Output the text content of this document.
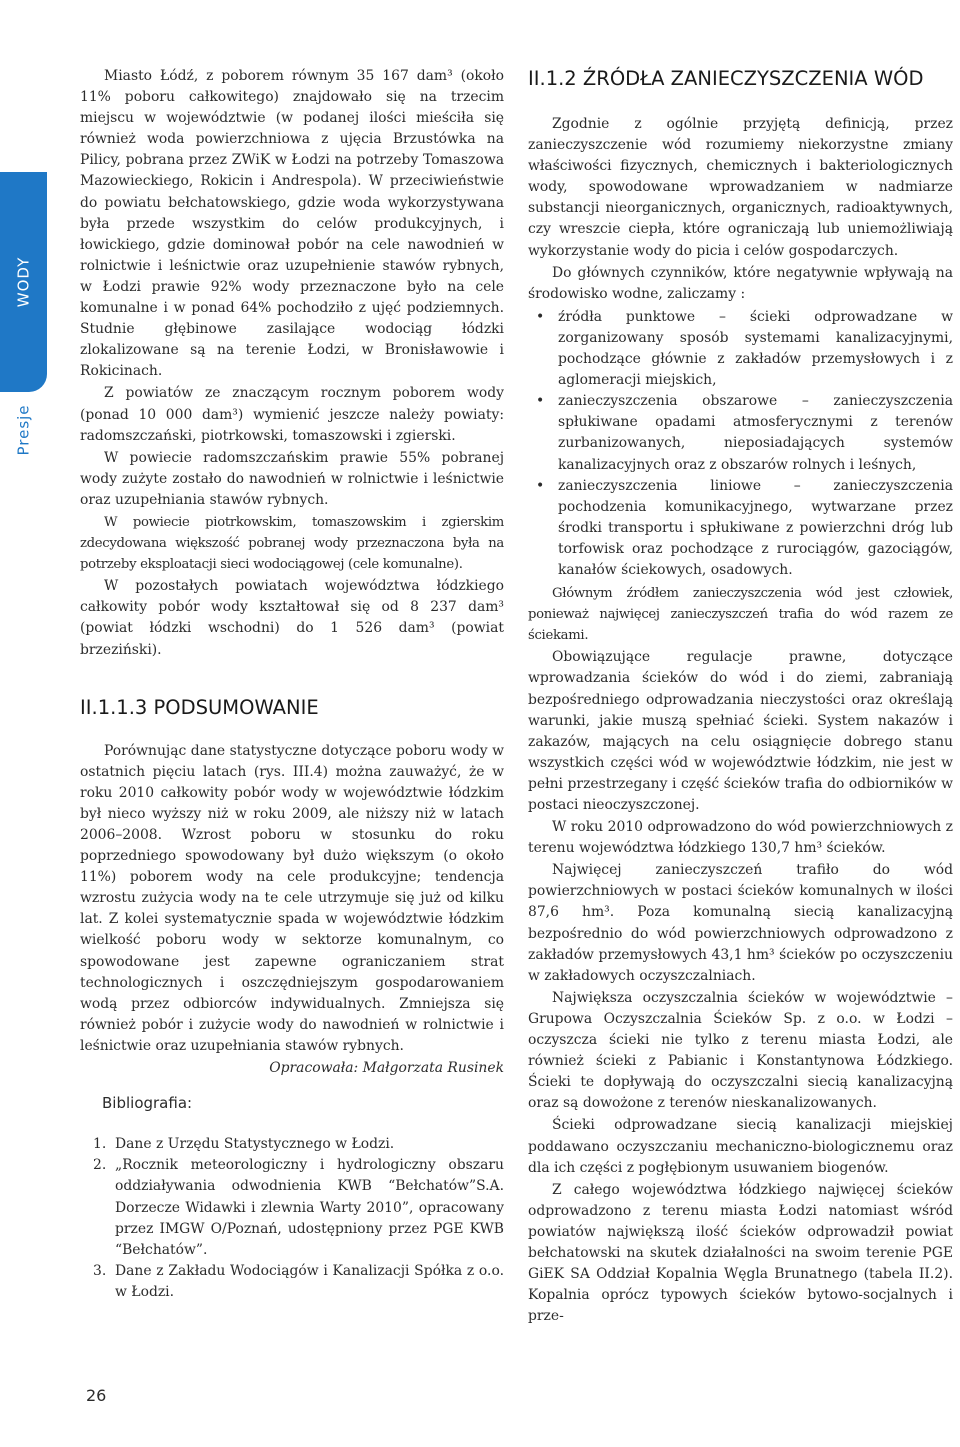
WODY
Presje

Miasto Łódź, z poborem równym 35 167 dam³ (około 11% poboru całkowitego) znajdowało się na trzecim miejscu w województwie (w podanej ilości mieściła się również woda powierzchniowa z ujęcia Brzustówka na Pilicy, pobrana przez ZWiK w Łodzi na potrzeby Tomaszowa Mazowieckiego, Rokicin i Andrespola). W przeciwieństwie do powiatu bełchatowskiego, gdzie woda wykorzystywana była przede wszystkim do celów produkcyjnych, i łowickiego, gdzie dominował pobór na cele nawodnień w rolnictwie i leśnictwie oraz uzupełnienie stawów rybnych, w Łodzi prawie 92% wody przeznaczone było na cele komunalne i w ponad 64% pochodziło z ujęć podziemnych. Studnie głębinowe zasilające wodociąg łódzki zlokalizowane są na terenie Łodzi, w Bronisławowie i Rokicinach.

Z powiatów ze znaczącym rocznym poborem wody (ponad 10 000 dam³) wymienić jeszcze należy powiaty: radomszczański, piotrkowski, tomaszowski i zgierski.

W powiecie radomszczańskim prawie 55% pobranej wody zużyte zostało do nawodnień w rolnictwie i leśnictwie oraz uzupełniania stawów rybnych.

W powiecie piotrkowskim, tomaszowskim i zgierskim zdecydowana większość pobranej wody przeznaczona była na potrzeby eksploatacji sieci wodociągowej (cele komunalne).

W pozostałych powiatach województwa łódzkiego całkowity pobór wody kształtował się od 8 237 dam³ (powiat łódzki wschodni) do 1 526 dam³ (powiat brzeziński).

II.1.1.3 PODSUMOWANIE

Porównując dane statystyczne dotyczące poboru wody w ostatnich pięciu latach (rys. III.4) można zauważyć, że w roku 2010 całkowity pobór wody w województwie łódzkim był nieco wyższy niż w roku 2009, ale niższy niż w latach 2006–2008. Wzrost poboru w stosunku do roku poprzedniego spowodowany był dużo większym (o około 11%) poborem wody na cele produkcyjne; tendencja wzrostu zużycia wody na te cele utrzymuje się już od kilku lat. Z kolei systematycznie spada w województwie łódzkim wielkość poboru wody w sektorze komunalnym, co spowodowane jest zapewne ograniczaniem strat technologicznych i oszczędniejszym gospodarowaniem wodą przez odbiorców indywidualnych. Zmniejsza się również pobór i zużycie wody do nawodnień w rolnictwie i leśnictwie oraz uzupełniania stawów rybnych.

Opracowała: Małgorzata Rusinek

Bibliografia:
1. Dane z Urzędu Statystycznego w Łodzi.
2. „Rocznik meteorologiczny i hydrologiczny obszaru oddziaływania odwodnienia KWB “Bełchatów”S.A. Dorzecze Widawki i zlewnia Warty 2010”, opracowany przez IMGW O/Poznań, udostępniony przez PGE KWB “Bełchatów”.
3. Dane z Zakładu Wodociągów i Kanalizacji Spółka z o.o. w Łodzi.
II.1.2 ŹRÓDŁA ZANIECZYSZCZENIA WÓD

Zgodnie z ogólnie przyjętą definicją, przez zanieczyszczenie wód rozumiemy niekorzystne zmiany właściwości fizycznych, chemicznych i bakteriologicznych wody, spowodowane wprowadzaniem w nadmiarze substancji nieorganicznych, organicznych, radioaktywnych, czy wreszcie ciepła, które ograniczają lub uniemożliwiają wykorzystanie wody do picia i celów gospodarczych.

Do głównych czynników, które negatywnie wpływają na środowisko wodne, zaliczamy :

• źródła punktowe – ścieki odprowadzane w zorganizowany sposób systemami kanalizacyjnymi, pochodzące głównie z zakładów przemysłowych i z aglomeracji miejskich,
• zanieczyszczenia obszarowe – zanieczyszczenia spłukiwane opadami atmosferycznymi z terenów zurbanizowanych, nieposiadających systemów kanalizacyjnych oraz z obszarów rolnych i leśnych,
• zanieczyszczenia liniowe – zanieczyszczenia pochodzenia komunikacyjnego, wytwarzane przez środki transportu i spłukiwane z powierzchni dróg lub torfowisk oraz pochodzące z rurociągów, gazociągów, kanałów ściekowych, osadowych.

Głównym źródłem zanieczyszczenia wód jest człowiek, ponieważ najwięcej zanieczyszczeń trafia do wód razem ze ściekami.

Obowiązujące regulacje prawne, dotyczące wprowadzania ścieków do wód i do ziemi, zabraniają bezpośredniego odprowadzania nieczystości oraz określają warunki, jakie muszą spełniać ścieki. System nakazów i zakazów, mających na celu osiągnięcie dobrego stanu wszystkich części wód w województwie łódzkim, nie jest w pełni przestrzegany i część ścieków trafia do odbiorników w postaci nieoczyszczonej.

W roku 2010 odprowadzono do wód powierzchniowych z terenu województwa łódzkiego 130,7 hm³ ścieków.

Najwięcej zanieczyszczeń trafiło do wód powierzchniowych w postaci ścieków komunalnych w ilości 87,6 hm³. Poza komunalną siecią kanalizacyjną bezpośrednio do wód powierzchniowych odprowadzono z zakładów przemysłowych 43,1 hm³ ścieków po oczyszczeniu w zakładowych oczyszczalniach.

Największa oczyszczalnia ścieków w województwie – Grupowa Oczyszczalnia Ścieków Sp. z o.o. w Łodzi – oczyszcza ścieki nie tylko z terenu miasta Łodzi, ale również ścieki z Pabianic i Konstantynowa Łódzkiego. Ścieki te dopływają do oczyszczalni siecią kanalizacyjną oraz są dowożone z terenów nieskanalizowanych.

Ścieki odprowadzane siecią kanalizacji miejskiej poddawano oczyszczaniu mechaniczno-biologicznemu oraz dla ich części z pogłębionym usuwaniem biogenów.

Z całego województwa łódzkiego najwięcej ścieków odprowadzono z terenu miasta Łodzi natomiast wśród powiatów największą ilość ścieków odprowadził powiat bełchatowski na skutek działalności na swoim terenie PGE GiEK SA Oddział Kopalnia Węgla Brunatnego (tabela II.2). Kopalnia oprócz typowych ścieków bytowo-socjalnych i prze-

26
